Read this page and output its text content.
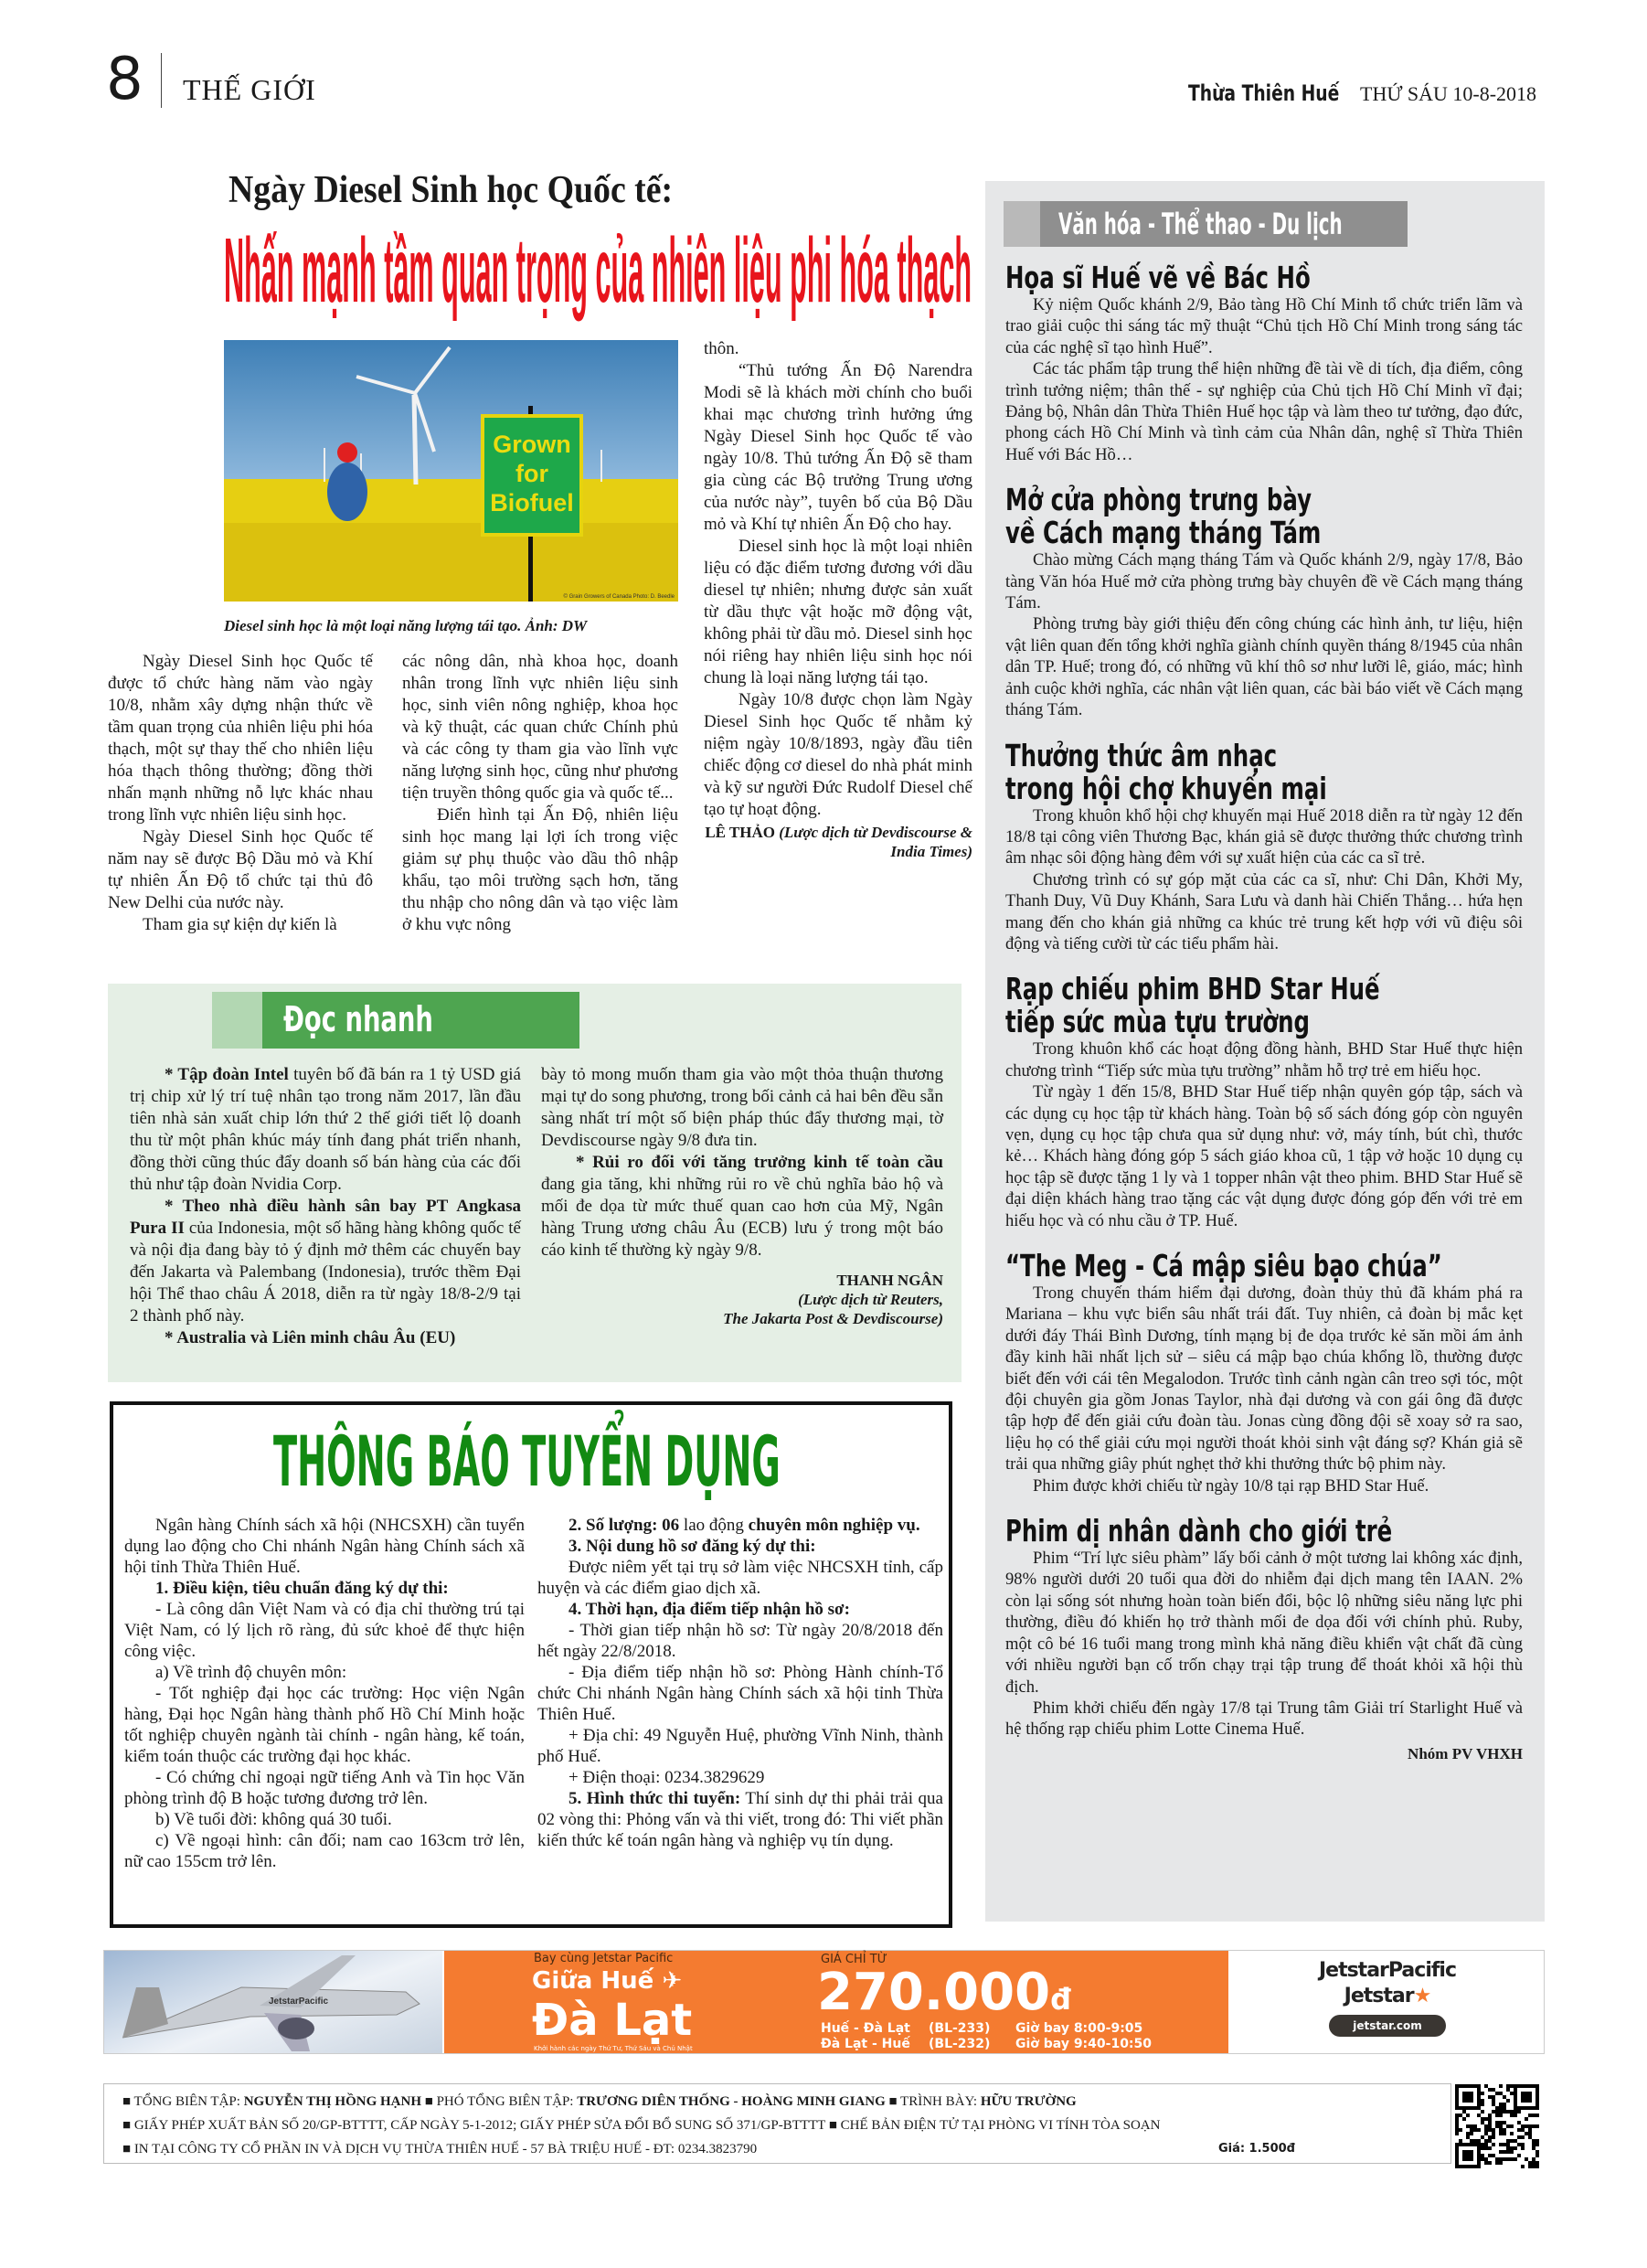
8 THẾ GIỚI	Thừa Thiên Huế THỨ SÁU 10-8-2018
Ngày Diesel Sinh học Quốc tế:
Nhấn mạnh tầm quan trọng của nhiên liệu phi hóa thạch
Grown for Biofuel
© Grain Growers of Canada Photo: D. Beedle
Diesel sinh học là một loại năng lượng tái tạo. Ảnh: DW

Ngày Diesel Sinh học Quốc tế được tổ chức hàng năm vào ngày 10/8, nhằm xây dựng nhận thức về tầm quan trọng của nhiên liệu phi hóa thạch, một sự thay thế cho nhiên liệu hóa thạch thông thường; đồng thời nhấn mạnh những nỗ lực khác nhau trong lĩnh vực nhiên liệu sinh học.

Ngày Diesel Sinh học Quốc tế năm nay sẽ được Bộ Dầu mỏ và Khí tự nhiên Ấn Độ tổ chức tại thủ đô New Delhi của nước này.

Tham gia sự kiện dự kiến là

các nông dân, nhà khoa học, doanh nhân trong lĩnh vực nhiên liệu sinh học, sinh viên nông nghiệp, khoa học và kỹ thuật, các quan chức Chính phủ và các công ty tham gia vào lĩnh vực năng lượng sinh học, cũng như phương tiện truyền thông quốc gia và quốc tế...

Điển hình tại Ấn Độ, nhiên liệu sinh học mang lại lợi ích trong việc giảm sự phụ thuộc vào dầu thô nhập khẩu, tạo môi trường sạch hơn, tăng thu nhập cho nông dân và tạo việc làm ở khu vực nông

thôn.

“Thủ tướng Ấn Độ Narendra Modi sẽ là khách mời chính cho buổi khai mạc chương trình hưởng ứng Ngày Diesel Sinh học Quốc tế vào ngày 10/8. Thủ tướng Ấn Độ sẽ tham gia cùng các Bộ trưởng Trung ương của nước này”, tuyên bố của Bộ Dầu mỏ và Khí tự nhiên Ấn Độ cho hay.

Diesel sinh học là một loại nhiên liệu có đặc điểm tương đương với dầu diesel tự nhiên; nhưng được sản xuất từ dầu thực vật hoặc mỡ động vật, không phải từ dầu mỏ. Diesel sinh học nói riêng hay nhiên liệu sinh học nói chung là loại năng lượng tái tạo.

Ngày 10/8 được chọn làm Ngày Diesel Sinh học Quốc tế nhằm kỷ niệm ngày 10/8/1893, ngày đầu tiên chiếc động cơ diesel do nhà phát minh và kỹ sư người Đức Rudolf Diesel chế tạo tự hoạt động.

LÊ THẢO (Lược dịch từ Devdiscourse & India Times)
Đọc nhanh

* Tập đoàn Intel tuyên bố đã bán ra 1 tỷ USD giá trị chip xử lý trí tuệ nhân tạo trong năm 2017, lần đầu tiên nhà sản xuất chip lớn thứ 2 thế giới tiết lộ doanh thu từ một phân khúc máy tính đang phát triển nhanh, đồng thời cũng thúc đẩy doanh số bán hàng của các đối thủ như tập đoàn Nvidia Corp.

* Theo nhà điều hành sân bay PT Angkasa Pura II của Indonesia, một số hãng hàng không quốc tế và nội địa đang bày tỏ ý định mở thêm các chuyến bay đến Jakarta và Palembang (Indonesia), trước thềm Đại hội Thể thao châu Á 2018, diễn ra từ ngày 18/8-2/9 tại 2 thành phố này.

* Australia và Liên minh châu Âu (EU)

bày tỏ mong muốn tham gia vào một thỏa thuận thương mại tự do song phương, trong bối cảnh cả hai bên đều sẵn sàng nhất trí một số biện pháp thúc đẩy thương mại, tờ Devdiscourse ngày 9/8 đưa tin.

* Rủi ro đối với tăng trưởng kinh tế toàn cầu đang gia tăng, khi những rủi ro về chủ nghĩa bảo hộ và mối đe dọa từ mức thuế quan cao hơn của Mỹ, Ngân hàng Trung ương châu Âu (ECB) lưu ý trong một báo cáo kinh tế thường kỳ ngày 9/8.

THANH NGÂN
(Lược dịch từ Reuters,
The Jakarta Post & Devdiscourse)
THÔNG BÁO TUYỂN DỤNG

Ngân hàng Chính sách xã hội (NHCSXH) cần tuyển dụng lao động cho Chi nhánh Ngân hàng Chính sách xã hội tỉnh Thừa Thiên Huế.

1. Điều kiện, tiêu chuẩn đăng ký dự thi:

- Là công dân Việt Nam và có địa chỉ thường trú tại Việt Nam, có lý lịch rõ ràng, đủ sức khoẻ để thực hiện công việc.

a) Về trình độ chuyên môn:

- Tốt nghiệp đại học các trường: Học viện Ngân hàng, Đại học Ngân hàng thành phố Hồ Chí Minh hoặc tốt nghiệp chuyên ngành tài chính - ngân hàng, kế toán, kiểm toán thuộc các trường đại học khác.

- Có chứng chỉ ngoại ngữ tiếng Anh và Tin học Văn phòng trình độ B hoặc tương đương trở lên.

b) Về tuổi đời: không quá 30 tuổi.

c) Về ngoại hình: cân đối; nam cao 163cm trở lên, nữ cao 155cm trở lên.

2. Số lượng: 06 lao động chuyên môn nghiệp vụ.

3. Nội dung hồ sơ đăng ký dự thi:

Được niêm yết tại trụ sở làm việc NHCSXH tỉnh, cấp huyện và các điểm giao dịch xã.

4. Thời hạn, địa điểm tiếp nhận hồ sơ:

- Thời gian tiếp nhận hồ sơ: Từ ngày 20/8/2018 đến hết ngày 22/8/2018.

- Địa điểm tiếp nhận hồ sơ: Phòng Hành chính-Tổ chức Chi nhánh Ngân hàng Chính sách xã hội tỉnh Thừa Thiên Huế.

+ Địa chỉ: 49 Nguyễn Huệ, phường Vĩnh Ninh, thành phố Huế.

+ Điện thoại: 0234.3829629

5. Hình thức thi tuyển: Thí sinh dự thi phải trải qua 02 vòng thi: Phỏng vấn và thi viết, trong đó: Thi viết phần kiến thức kế toán ngân hàng và nghiệp vụ tín dụng.

Văn hóa - Thể thao - Du lịch
Họa sĩ Huế vẽ về Bác Hồ

Kỷ niệm Quốc khánh 2/9, Bảo tàng Hồ Chí Minh tổ chức triển lãm và trao giải cuộc thi sáng tác mỹ thuật “Chủ tịch Hồ Chí Minh trong sáng tác của các nghệ sĩ tạo hình Huế”.

Các tác phẩm tập trung thể hiện những đề tài về di tích, địa điểm, công trình tưởng niệm; thân thế - sự nghiệp của Chủ tịch Hồ Chí Minh vĩ đại; Đảng bộ, Nhân dân Thừa Thiên Huế học tập và làm theo tư tưởng, đạo đức, phong cách Hồ Chí Minh và tình cảm của Nhân dân, nghệ sĩ Thừa Thiên Huế với Bác Hồ…

Mở cửa phòng trưng bày
về Cách mạng tháng Tám

Chào mừng Cách mạng tháng Tám và Quốc khánh 2/9, ngày 17/8, Bảo tàng Văn hóa Huế mở cửa phòng trưng bày chuyên đề về Cách mạng tháng Tám.

Phòng trưng bày giới thiệu đến công chúng các hình ảnh, tư liệu, hiện vật liên quan đến tổng khởi nghĩa giành chính quyền tháng 8/1945 của nhân dân TP. Huế; trong đó, có những vũ khí thô sơ như lưỡi lê, giáo, mác; hình ảnh cuộc khởi nghĩa, các nhân vật liên quan, các bài báo viết về Cách mạng tháng Tám.

Thưởng thức âm nhạc
trong hội chợ khuyến mại

Trong khuôn khổ hội chợ khuyến mại Huế 2018 diễn ra từ ngày 12 đến 18/8 tại công viên Thương Bạc, khán giả sẽ được thưởng thức chương trình âm nhạc sôi động hàng đêm với sự xuất hiện của các ca sĩ trẻ.

Chương trình có sự góp mặt của các ca sĩ, như: Chi Dân, Khởi My, Thanh Duy, Vũ Duy Khánh, Sara Lưu và danh hài Chiến Thắng… hứa hẹn mang đến cho khán giả những ca khúc trẻ trung kết hợp với vũ điệu sôi động và tiếng cười từ các tiểu phẩm hài.

Rạp chiếu phim BHD Star Huế
tiếp sức mùa tựu trường

Trong khuôn khổ các hoạt động đồng hành, BHD Star Huế thực hiện chương trình “Tiếp sức mùa tựu trường” nhằm hỗ trợ trẻ em hiếu học.

Từ ngày 1 đến 15/8, BHD Star Huế tiếp nhận quyên góp tập, sách và các dụng cụ học tập từ khách hàng. Toàn bộ số sách đóng góp còn nguyên vẹn, dụng cụ học tập chưa qua sử dụng như: vở, máy tính, bút chì, thước kẻ… Khách hàng đóng góp 5 sách giáo khoa cũ, 1 tập vở hoặc 10 dụng cụ học tập sẽ được tặng 1 ly và 1 topper nhân vật theo phim. BHD Star Huế sẽ đại diện khách hàng trao tặng các vật dụng được đóng góp đến với trẻ em hiếu học và có nhu cầu ở TP. Huế.

“The Meg - Cá mập siêu bạo chúa”

Trong chuyến thám hiểm đại dương, đoàn thủy thủ đã khám phá ra Mariana – khu vực biển sâu nhất trái đất. Tuy nhiên, cả đoàn bị mắc kẹt dưới đáy Thái Bình Dương, tính mạng bị đe dọa trước kẻ săn mồi ám ảnh đầy kinh hãi nhất lịch sử – siêu cá mập bạo chúa khổng lồ, thường được biết đến với cái tên Megalodon. Trước tình cảnh ngàn cân treo sợi tóc, một đội chuyên gia gồm Jonas Taylor, nhà đại dương và con gái ông đã được tập hợp để đến giải cứu đoàn tàu. Jonas cùng đồng đội sẽ xoay sở ra sao, liệu họ có thể giải cứu mọi người thoát khỏi sinh vật đáng sợ? Khán giả sẽ trải qua những giây phút nghẹt thở khi thưởng thức bộ phim này.

Phim được khởi chiếu từ ngày 10/8 tại rạp BHD Star Huế.

Phim dị nhân dành cho giới trẻ

Phim “Trí lực siêu phàm” lấy bối cảnh ở một tương lai không xác định, 98% người dưới 20 tuổi qua đời do nhiễm đại dịch mang tên IAAN. 2% còn lại sống sót nhưng hoàn toàn biến đổi, bộc lộ những siêu năng lực phi thường, điều đó khiến họ trở thành mối đe dọa đối với chính phủ. Ruby, một cô bé 16 tuổi mang trong mình khả năng điều khiển vật chất đã cùng với nhiều người bạn cố trốn chạy trại tập trung để thoát khỏi xã hội thù địch.

Phim khởi chiếu đến ngày 17/8 tại Trung tâm Giải trí Starlight Huế và hệ thống rạp chiếu phim Lotte Cinema Huế.

Nhóm PV VHXH
JetstarPacific
Bay cùng Jetstar Pacific
Giữa Huế ✈
Đà Lạt
Khởi hành các ngày Thứ Tư, Thứ Sáu và Chủ Nhật
GIÁ CHỈ TỪ
270.000đ
Huế - Đà Lạt (BL-233) Giờ bay 8:00-9:05
Đà Lạt - Huế (BL-232) Giờ bay 9:40-10:50
JetstarPacific
Jetstar★
jetstar.com
■ TỔNG BIÊN TẬP: NGUYỄN THỊ HỒNG HẠNH ■ PHÓ TỔNG BIÊN TẬP: TRƯƠNG DIÊN THỐNG - HOÀNG MINH GIANG ■ TRÌNH BÀY: HỮU TRƯỜNG
■ GIẤY PHÉP XUẤT BẢN SỐ 20/GP-BTTTT, CẤP NGÀY 5-1-2012; GIẤY PHÉP SỬA ĐỔI BỔ SUNG SỐ 371/GP-BTTTT ■ CHẾ BẢN ĐIỆN TỬ TẠI PHÒNG VI TÍNH TÒA SOẠN
■ IN TẠI CÔNG TY CỔ PHẦN IN VÀ DỊCH VỤ THỪA THIÊN HUẾ - 57 BÀ TRIỆU HUẾ - ĐT: 0234.3823790	Giá: 1.500đ
